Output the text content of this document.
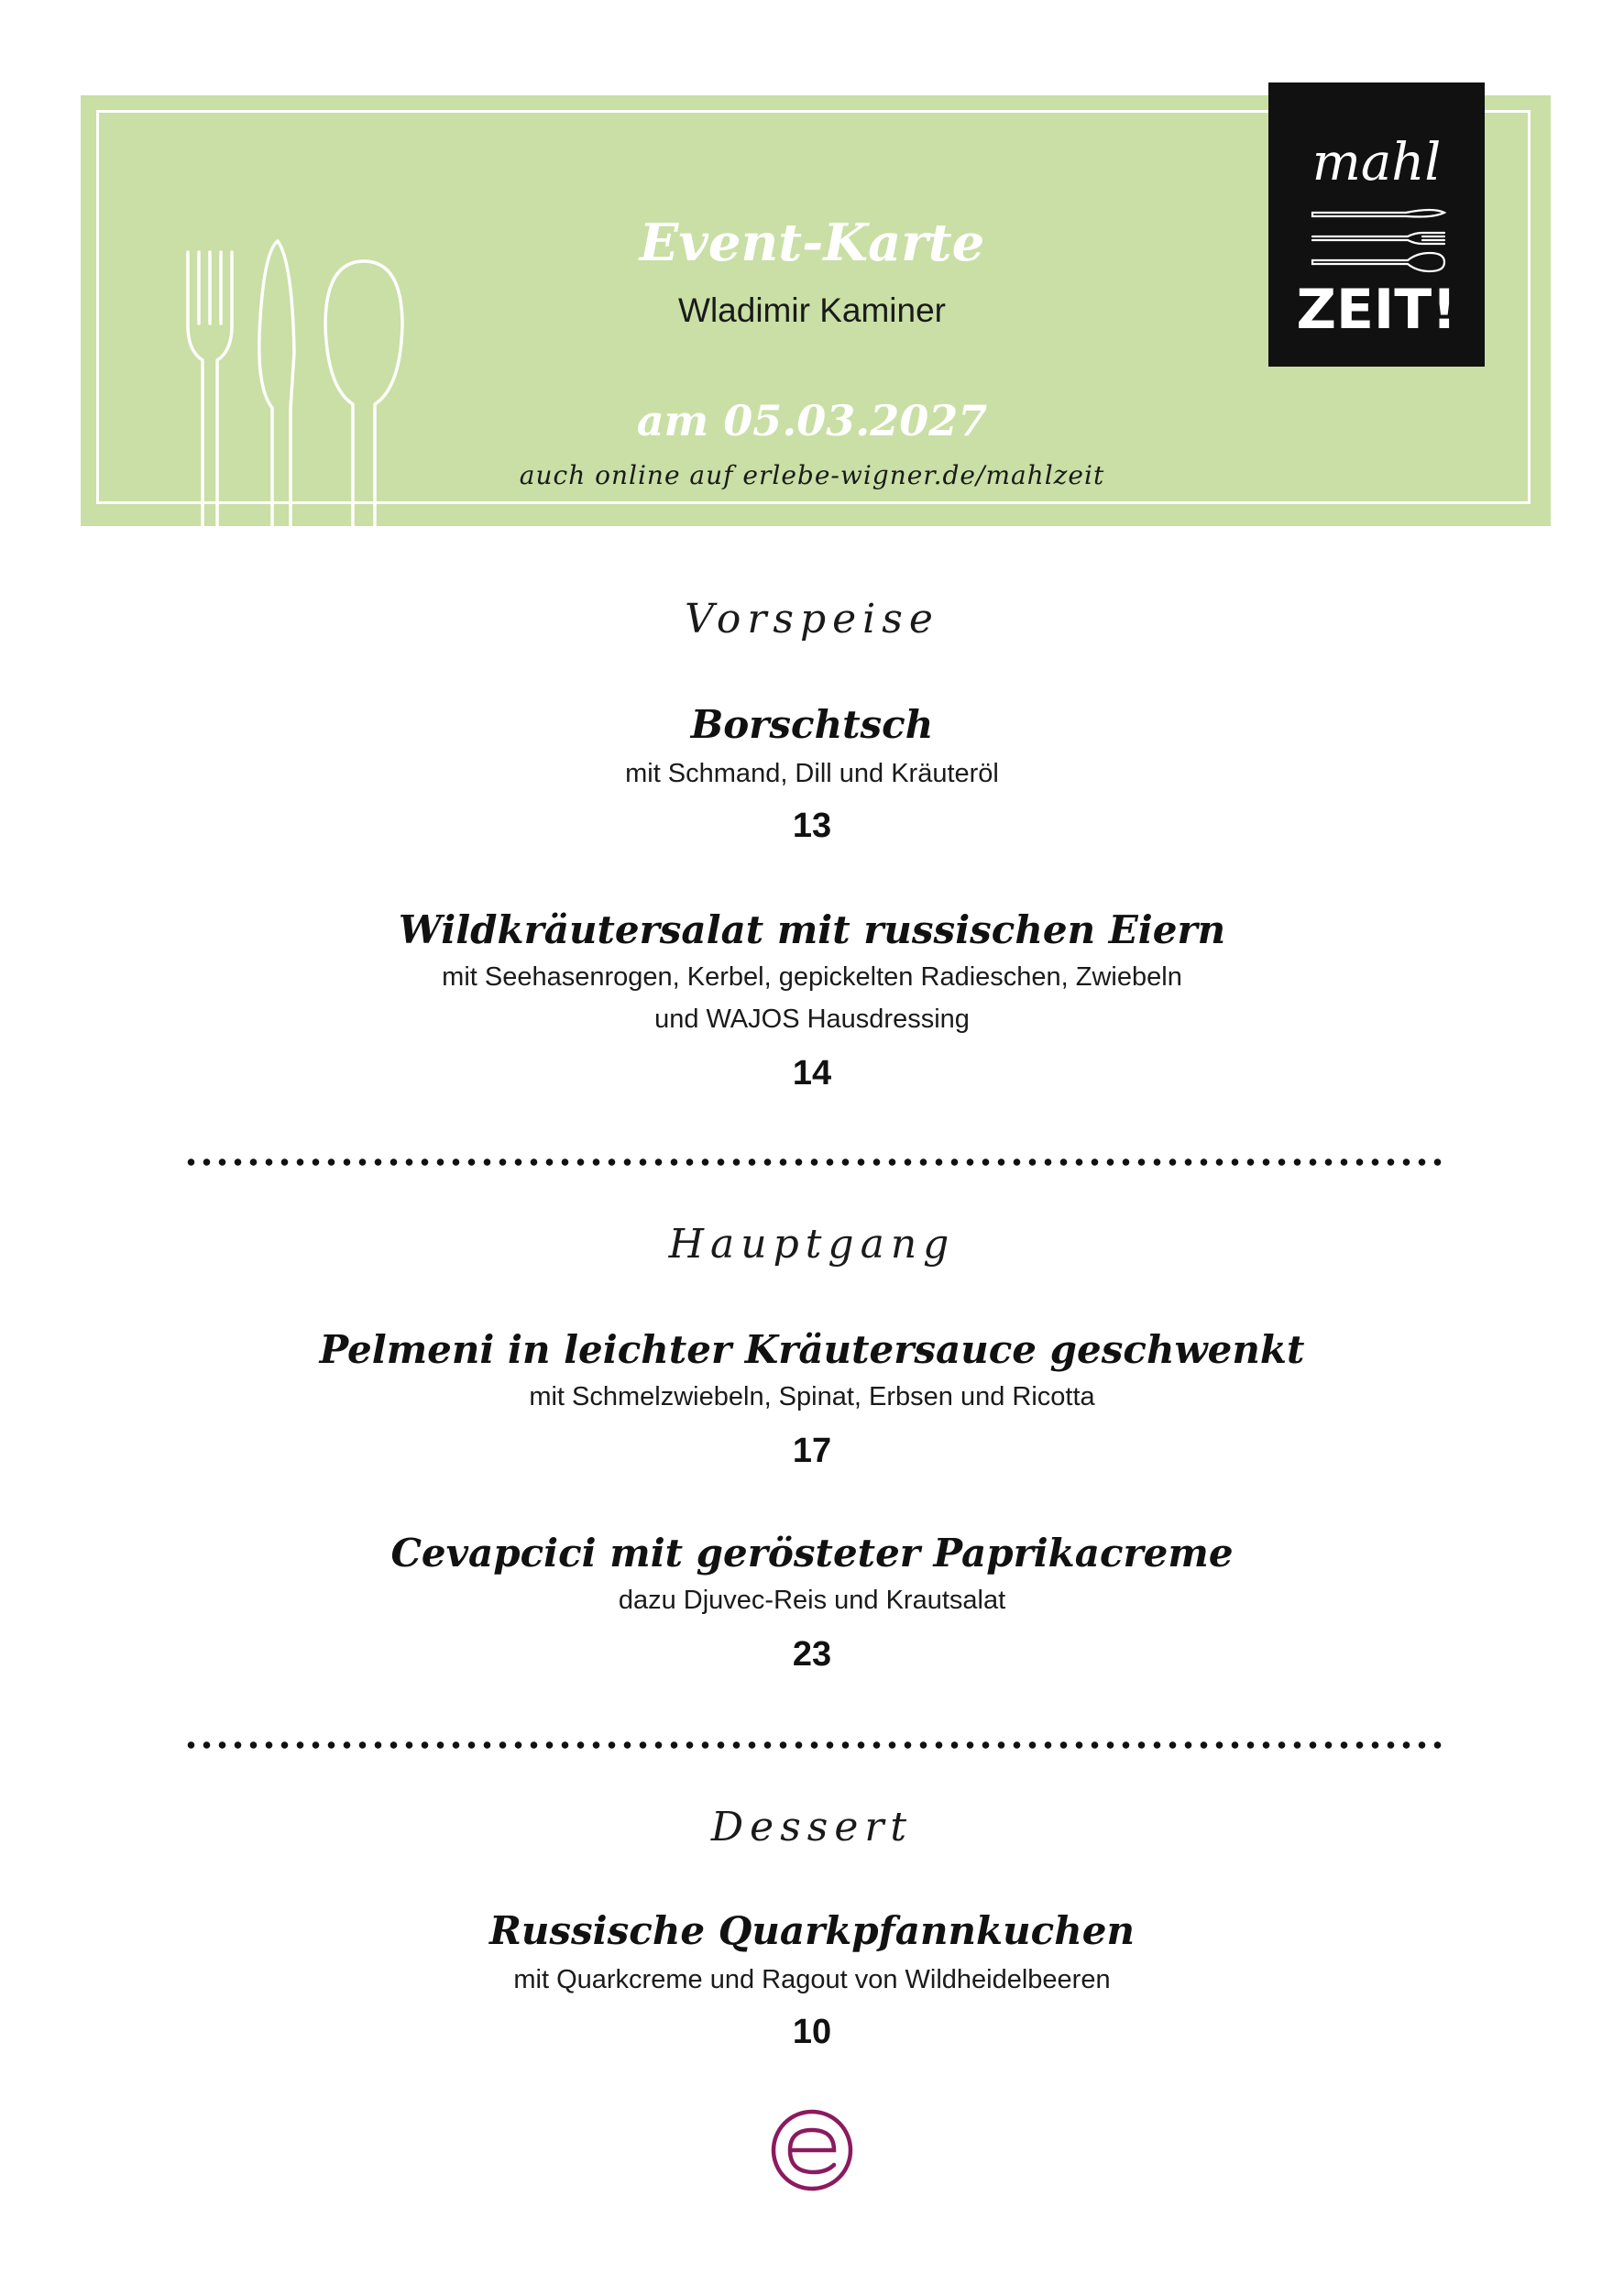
Event-Karte
Wladimir Kaminer
am 05.03.2027
auch online auf erlebe-wigner.de/mahlzeit
mahl
ZEIT!
Vorspeise
Borschtsch
mit Schmand, Dill und Kräuteröl
13
Wildkräutersalat mit russischen Eiern
mit Seehasenrogen, Kerbel, gepickelten Radieschen, Zwiebeln
und WAJOS Hausdressing
14
Hauptgang
Pelmeni in leichter Kräutersauce geschwenkt
mit Schmelzwiebeln, Spinat, Erbsen und Ricotta
17
Cevapcici mit gerösteter Paprikacreme
dazu Djuvec-Reis und Krautsalat
23
Dessert
Russische Quarkpfannkuchen
mit Quarkcreme und Ragout von Wildheidelbeeren
10
